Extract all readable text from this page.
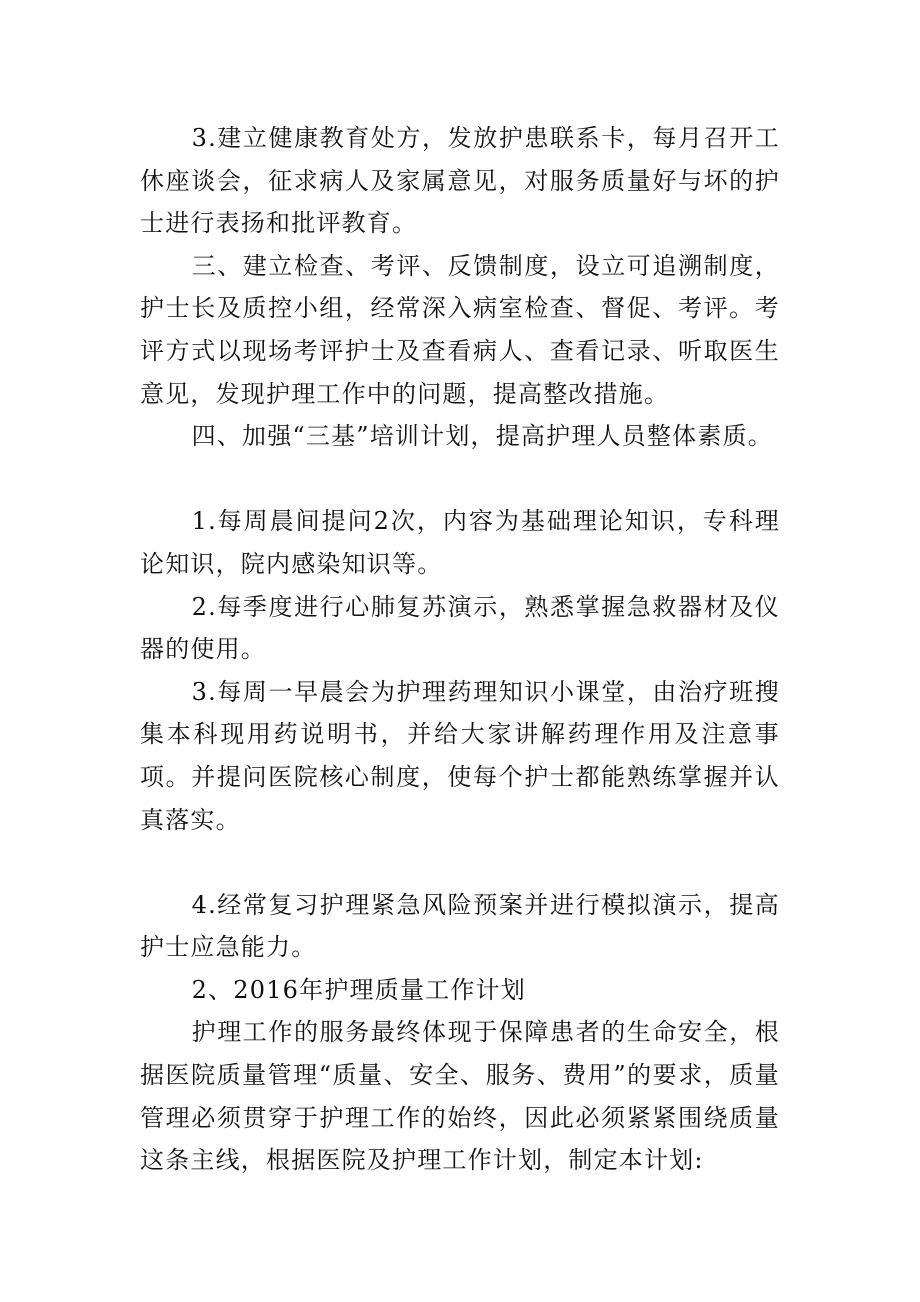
3.建立健康教育处方，发放护患联系卡，每月召开工休座谈会，征求病人及家属意见，对服务质量好与坏的护士进行表扬和批评教育。

三、建立检查、考评、反馈制度，设立可追溯制度，护士长及质控小组，经常深入病室检查、督促、考评。考评方式以现场考评护士及查看病人、查看记录、听取医生意见，发现护理工作中的问题，提高整改措施。

四、加强“三基”培训计划，提高护理人员整体素质。

1.每周晨间提问2次，内容为基础理论知识，专科理论知识，院内感染知识等。

2.每季度进行心肺复苏演示，熟悉掌握急救器材及仪器的使用。

3.每周一早晨会为护理药理知识小课堂，由治疗班搜集本科现用药说明书，并给大家讲解药理作用及注意事项。并提问医院核心制度，使每个护士都能熟练掌握并认真落实。

4.经常复习护理紧急风险预案并进行模拟演示，提高护士应急能力。

2、2016年护理质量工作计划

护理工作的服务最终体现于保障患者的生命安全，根据医院质量管理“质量、安全、服务、费用”的要求，质量管理必须贯穿于护理工作的始终，因此必须紧紧围绕质量这条主线，根据医院及护理工作计划，制定本计划:
